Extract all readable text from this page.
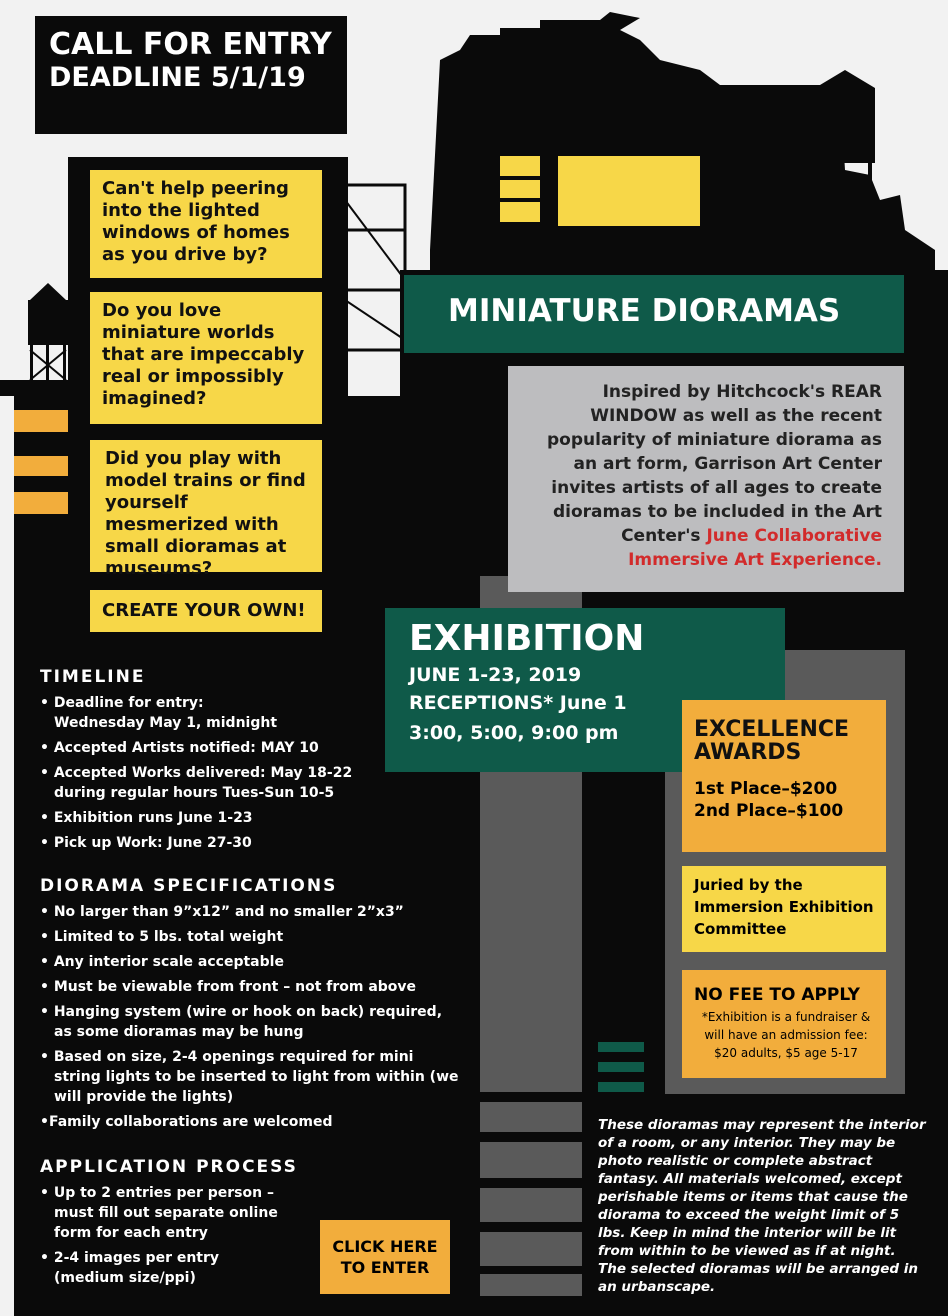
CALL FOR ENTRY
DEADLINE 5/1/19
Can't help peering into the lighted windows of homes as you drive by?
Do you love miniature worlds that are impeccably real or impossibly imagined?
Did you play with model trains or find yourself mesmerized with small dioramas at museums?
CREATE YOUR OWN!
MINIATURE DIORAMAS
Inspired by Hitchcock's REAR WINDOW as well as the recent popularity of miniature diorama as an art form, Garrison Art Center invites artists of all ages to create dioramas to be included in the Art Center's June Collaborative Immersive Art Experience.
EXHIBITION
JUNE 1-23, 2019
RECEPTIONS* June 1
3:00, 5:00, 9:00 pm	EXCELLENCE AWARDS
1st Place–$200
2nd Place–$100
Juried by the Immersion Exhibition Committee
NO FEE TO APPLY
*Exhibition is a fundraiser & will have an admission fee: $20 adults, $5 age 5-17
TIMELINE
• Deadline for entry:
Wednesday May 1, midnight
• Accepted Artists notified: MAY 10
• Accepted Works delivered: May 18-22
during regular hours Tues-Sun 10-5
• Exhibition runs June 1-23
• Pick up Work: June 27-30
DIORAMA SPECIFICATIONS
• No larger than 9”x12” and no smaller 2”x3”
• Limited to 5 lbs. total weight
• Any interior scale acceptable
• Must be viewable from front – not from above
• Hanging system (wire or hook on back) required, as some dioramas may be hung
• Based on size, 2-4 openings required for mini string lights to be inserted to light from within (we will provide the lights)
•Family collaborations are welcomed
APPLICATION PROCESS
• Up to 2 entries per person –
must fill out separate online
form for each entry
• 2-4 images per entry
(medium size/ppi)
CLICK HERE TO ENTER
These dioramas may represent the interior of a room, or any interior. They may be photo realistic or complete abstract fantasy. All materials welcomed, except perishable items or items that cause the diorama to exceed the weight limit of 5 lbs. Keep in mind the interior will be lit from within to be viewed as if at night. The selected dioramas will be arranged in an urbanscape.
